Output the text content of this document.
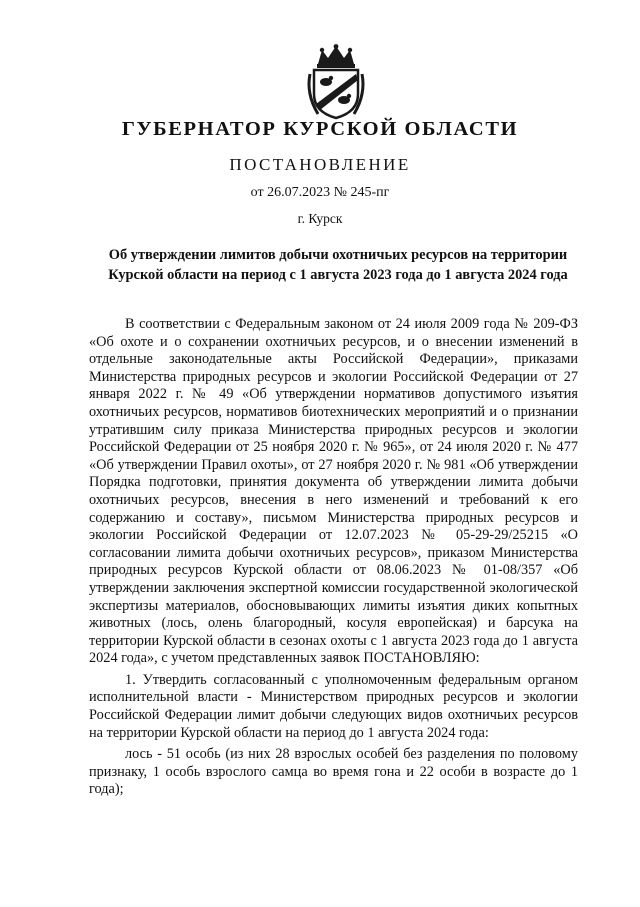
ГУБЕРНАТОР КУРСКОЙ ОБЛАСТИ
ПОСТАНОВЛЕНИЕ
от 26.07.2023 № 245-пг
г. Курск
Об утверждении лимитов добычи охотничьих ресурсов на территории Курской области на период с 1 августа 2023 года до 1 августа 2024 года

В соответствии с Федеральным законом от 24 июля 2009 года № 209-ФЗ «Об охоте и о сохранении охотничьих ресурсов, и о внесении изменений в отдельные законодательные акты Российской Федерации», приказами Министерства природных ресурсов и экологии Российской Федерации от 27 января 2022 г. № 49 «Об утверждении нормативов допустимого изъятия охотничьих ресурсов, нормативов биотехнических мероприятий и о признании утратившим силу приказа Министерства природных ресурсов и экологии Российской Федерации от 25 ноября 2020 г. № 965», от 24 июля 2020 г. № 477 «Об утверждении Правил охоты», от 27 ноября 2020 г. № 981 «Об утверждении Порядка подготовки, принятия документа об утверждении лимита добычи охотничьих ресурсов, внесения в него изменений и требований к его содержанию и составу», письмом Министерства природных ресурсов и экологии Российской Федерации от 12.07.2023 № 05-29-29/25215 «О согласовании лимита добычи охотничьих ресурсов», приказом Министерства природных ресурсов Курской области от 08.06.2023 № 01-08/357 «Об утверждении заключения экспертной комиссии государственной экологической экспертизы материалов, обосновывающих лимиты изъятия диких копытных животных (лось, олень благородный, косуля европейская) и барсука на территории Курской области в сезонах охоты с 1 августа 2023 года до 1 августа 2024 года», с учетом представленных заявок ПОСТАНОВЛЯЮ:

1. Утвердить согласованный с уполномоченным федеральным органом исполнительной власти - Министерством природных ресурсов и экологии Российской Федерации лимит добычи следующих видов охотничьих ресурсов на территории Курской области на период до 1 августа 2024 года:

лось - 51 особь (из них 28 взрослых особей без разделения по половому признаку, 1 особь взрослого самца во время гона и 22 особи в возрасте до 1 года);
